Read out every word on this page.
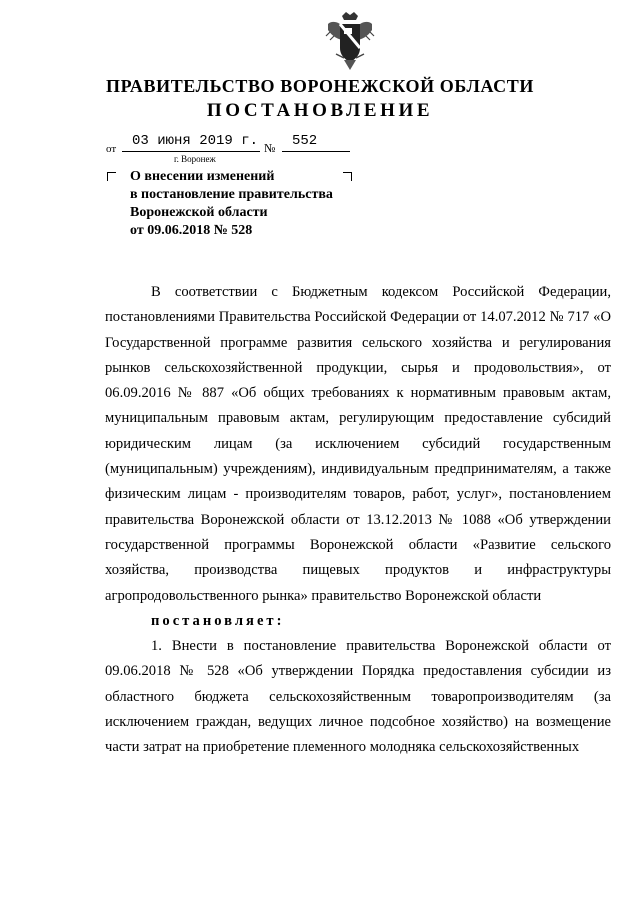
ПРАВИТЕЛЬСТВО ВОРОНЕЖСКОЙ ОБЛАСТИ
ПОСТАНОВЛЕНИЕ
от 03 июня 2019 г. № 552
г. Воронеж
О внесении изменений
в постановление правительства
Воронежской области
от 09.06.2018 № 528

В соответствии с Бюджетным кодексом Российской Федерации, постановлениями Правительства Российской Федерации от 14.07.2012 № 717 «О Государственной программе развития сельского хозяйства и регулирования рынков сельскохозяйственной продукции, сырья и продовольствия», от 06.09.2016 № 887 «Об общих требованиях к нормативным правовым актам, муниципальным правовым актам, регулирующим предоставление субсидий юридическим лицам (за исключением субсидий государственным (муниципальным) учреждениям), индивидуальным предпринимателям, а также физическим лицам - производителям товаров, работ, услуг», постановлением правительства Воронежской области от 13.12.2013 № 1088 «Об утверждении государственной программы Воронежской области «Развитие сельского хозяйства, производства пищевых продуктов и инфраструктуры агропродовольственного рынка» правительство Воронежской области

постановляет:

1. Внести в постановление правительства Воронежской области от 09.06.2018 № 528 «Об утверждении Порядка предоставления субсидии из областного бюджета сельскохозяйственным товаропроизводителям (за исключением граждан, ведущих личное подсобное хозяйство) на возмещение части затрат на приобретение племенного молодняка сельскохозяйственных
